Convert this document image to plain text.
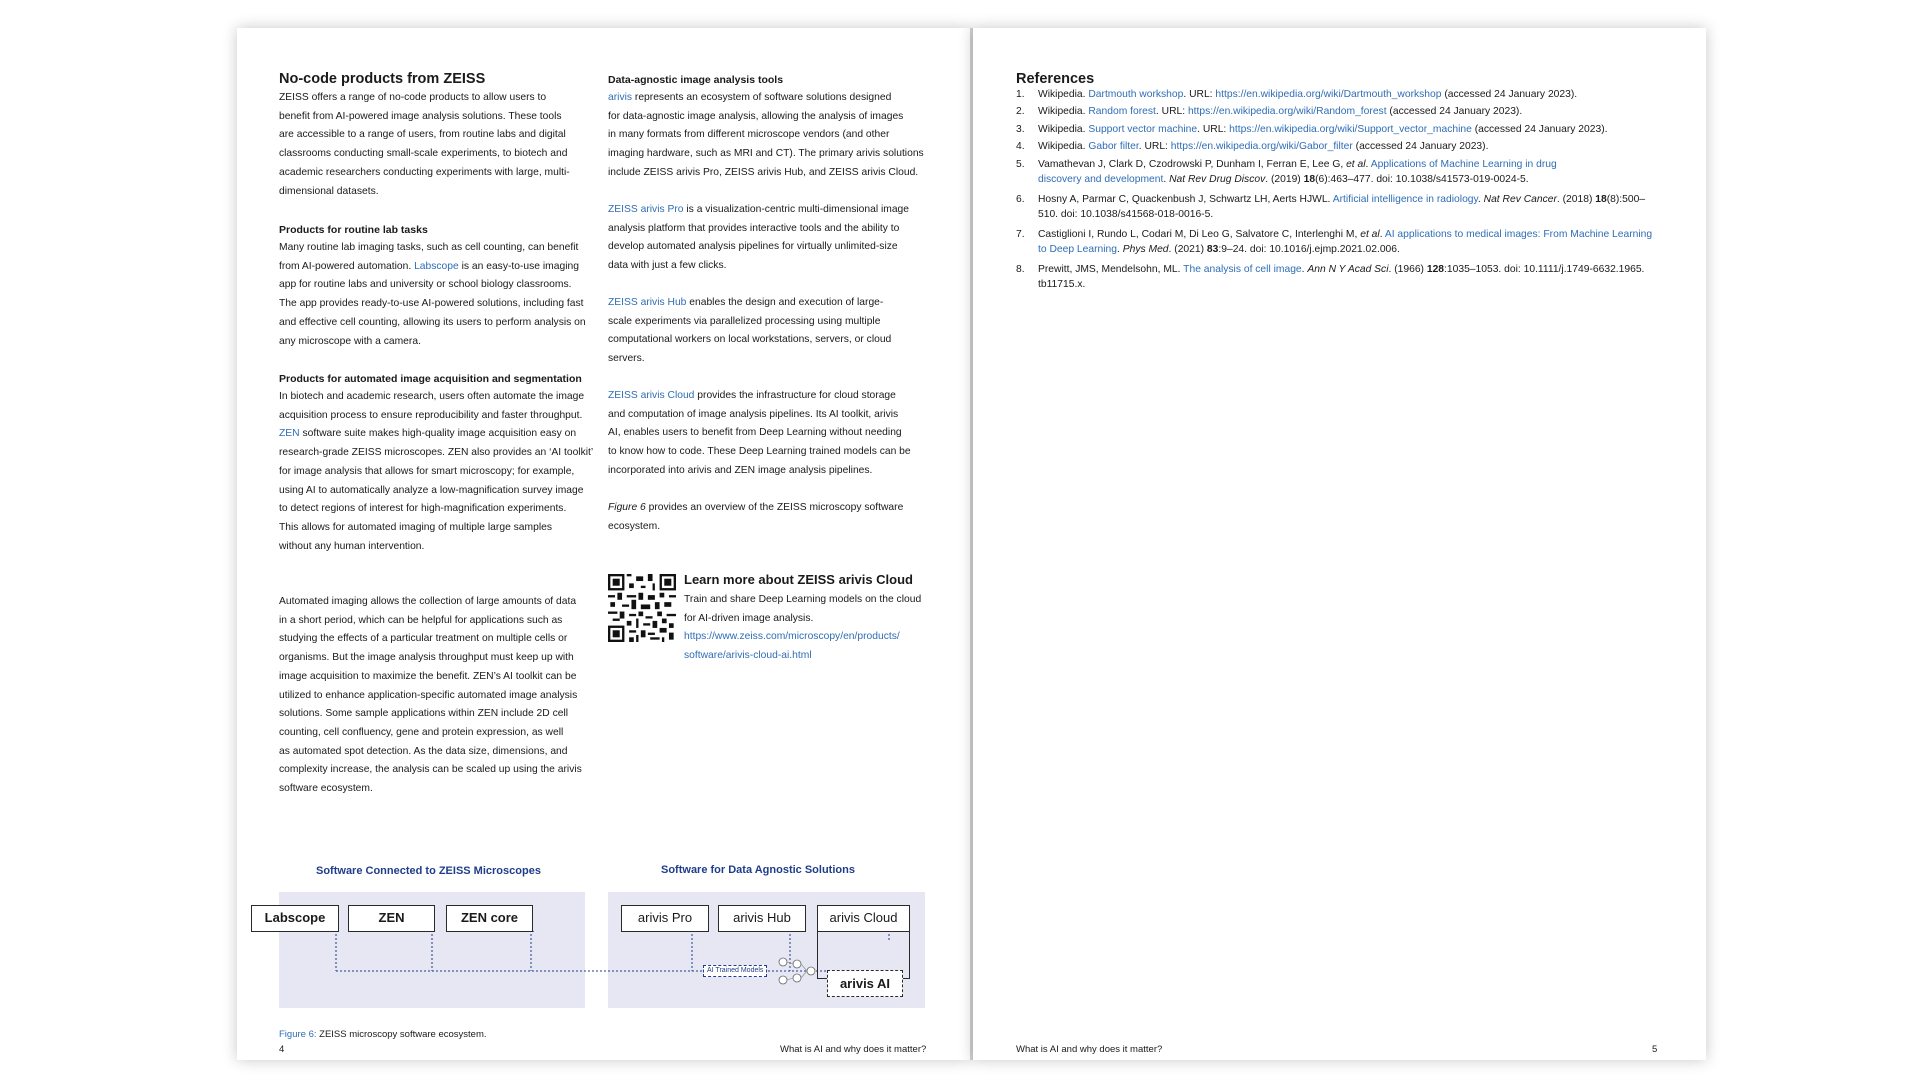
No-code products from ZEISS
ZEISS offers a range of no-code products to allow users to
benefit from AI-powered image analysis solutions. These tools
are accessible to a range of users, from routine labs and digital
classrooms conducting small-scale experiments, to biotech and
academic researchers conducting experiments with large, multi-
dimensional datasets.
Products for routine lab tasks
Many routine lab imaging tasks, such as cell counting, can benefit
from AI-powered automation. Labscope is an easy-to-use imaging
app for routine labs and university or school biology classrooms.
The app provides ready-to-use AI-powered solutions, including fast
and effective cell counting, allowing its users to perform analysis on
any microscope with a camera.
Products for automated image acquisition and segmentation
In biotech and academic research, users often automate the image
acquisition process to ensure reproducibility and faster throughput.
ZEN software suite makes high-quality image acquisition easy on
research-grade ZEISS microscopes. ZEN also provides an ‘AI toolkit’
for image analysis that allows for smart microscopy; for example,
using AI to automatically analyze a low-magnification survey image
to detect regions of interest for high-magnification experiments.
This allows for automated imaging of multiple large samples
without any human intervention.
Automated imaging allows the collection of large amounts of data
in a short period, which can be helpful for applications such as
studying the effects of a particular treatment on multiple cells or
organisms. But the image analysis throughput must keep up with
image acquisition to maximize the benefit. ZEN’s AI toolkit can be
utilized to enhance application-specific automated image analysis
solutions. Some sample applications within ZEN include 2D cell
counting, cell confluency, gene and protein expression, as well
as automated spot detection. As the data size, dimensions, and
complexity increase, the analysis can be scaled up using the arivis
software ecosystem.
Data-agnostic image analysis tools
arivis represents an ecosystem of software solutions designed
for data-agnostic image analysis, allowing the analysis of images
in many formats from different microscope vendors (and other
imaging hardware, such as MRI and CT). The primary arivis solutions
include ZEISS arivis Pro, ZEISS arivis Hub, and ZEISS arivis Cloud.
ZEISS arivis Pro is a visualization-centric multi-dimensional image
analysis platform that provides interactive tools and the ability to
develop automated analysis pipelines for virtually unlimited-size
data with just a few clicks.
ZEISS arivis Hub enables the design and execution of large-
scale experiments via parallelized processing using multiple
computational workers on local workstations, servers, or cloud
servers.
ZEISS arivis Cloud provides the infrastructure for cloud storage
and computation of image analysis pipelines. Its AI toolkit, arivis
AI, enables users to benefit from Deep Learning without needing
to know how to code. These Deep Learning trained models can be
incorporated into arivis and ZEN image analysis pipelines.
Figure 6 provides an overview of the ZEISS microscopy software
ecosystem.
Learn more about ZEISS arivis Cloud
Train and share Deep Learning models on the cloud
for AI-driven image analysis.
https://www.zeiss.com/microscopy/en/products/
software/arivis-cloud-ai.html
Software Connected to ZEISS Microscopes	Software for Data Agnostic Solutions
Labscope	ZEN	ZEN core	arivis Pro	arivis Hub	arivis Cloud
arivis AI
AI Trained Models
Figure 6: ZEISS microscopy software ecosystem.
4	What is AI and why does it matter?
References
1. Wikipedia. Dartmouth workshop. URL: https://en.wikipedia.org/wiki/Dartmouth_workshop (accessed 24 January 2023).
2. Wikipedia. Random forest. URL: https://en.wikipedia.org/wiki/Random_forest (accessed 24 January 2023).
3. Wikipedia. Support vector machine. URL: https://en.wikipedia.org/wiki/Support_vector_machine (accessed 24 January 2023).
4. Wikipedia. Gabor filter. URL: https://en.wikipedia.org/wiki/Gabor_filter (accessed 24 January 2023).
5. Vamathevan J, Clark D, Czodrowski P, Dunham I, Ferran E, Lee G, et al. Applications of Machine Learning in drug
discovery and development. Nat Rev Drug Discov. (2019) 18(6):463–477. doi: 10.1038/s41573-019-0024-5.
6. Hosny A, Parmar C, Quackenbush J, Schwartz LH, Aerts HJWL. Artificial intelligence in radiology. Nat Rev Cancer. (2018) 18(8):500–
510. doi: 10.1038/s41568-018-0016-5.
7. Castiglioni I, Rundo L, Codari M, Di Leo G, Salvatore C, Interlenghi M, et al. AI applications to medical images: From Machine Learning
to Deep Learning. Phys Med. (2021) 83:9–24. doi: 10.1016/j.ejmp.2021.02.006.
8. Prewitt, JMS, Mendelsohn, ML. The analysis of cell image. Ann N Y Acad Sci. (1966) 128:1035–1053. doi: 10.1111/j.1749-6632.1965.
tb11715.x.
What is AI and why does it matter?	5
